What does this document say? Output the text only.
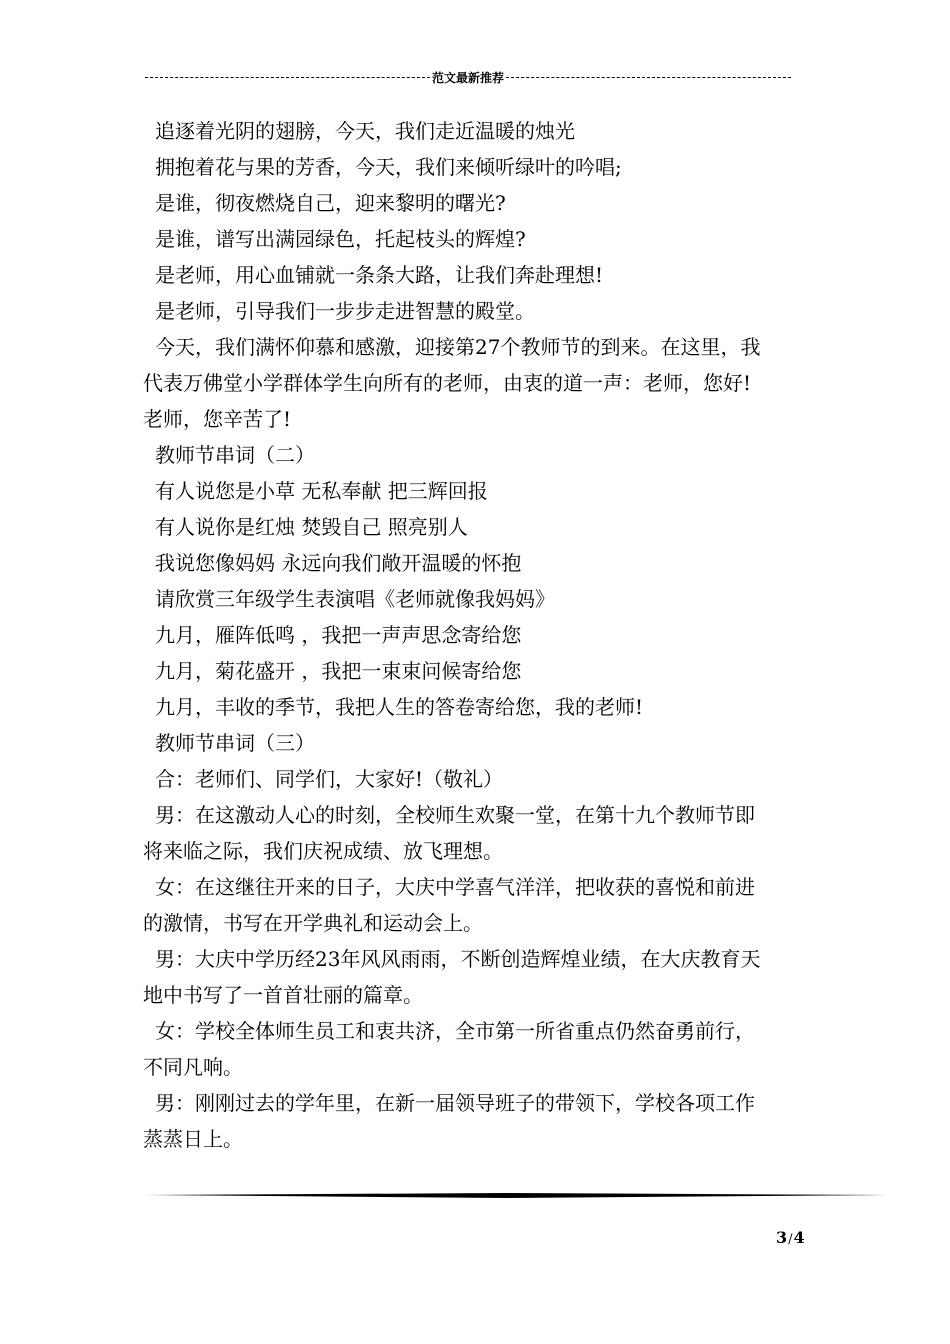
范文最新推荐
追逐着光阴的翅膀，今天，我们走近温暖的烛光
拥抱着花与果的芳香，今天，我们来倾听绿叶的吟唱;
是谁，彻夜燃烧自己，迎来黎明的曙光?
是谁，谱写出满园绿色，托起枝头的辉煌?
是老师，用心血铺就一条条大路，让我们奔赴理想!
是老师，引导我们一步步走进智慧的殿堂。
今天，我们满怀仰慕和感激，迎接第27个教师节的到来。在这里，我
代表万佛堂小学群体学生向所有的老师，由衷的道一声：老师，您好!
老师，您辛苦了!
教师节串词（二）
有人说您是小草 无私奉献 把三辉回报
有人说你是红烛 焚毁自己 照亮别人
我说您像妈妈 永远向我们敞开温暖的怀抱
请欣赏三年级学生表演唱《老师就像我妈妈》
九月，雁阵低鸣 ，我把一声声思念寄给您
九月，菊花盛开 ，我把一束束问候寄给您
九月，丰收的季节，我把人生的答卷寄给您，我的老师!
教师节串词（三）
合：老师们、同学们，大家好!（敬礼）
男：在这激动人心的时刻，全校师生欢聚一堂，在第十九个教师节即
将来临之际，我们庆祝成绩、放飞理想。
女：在这继往开来的日子，大庆中学喜气洋洋，把收获的喜悦和前进
的激情，书写在开学典礼和运动会上。
男：大庆中学历经23年风风雨雨，不断创造辉煌业绩，在大庆教育天
地中书写了一首首壮丽的篇章。
女：学校全体师生员工和衷共济，全市第一所省重点仍然奋勇前行，
不同凡响。
男：刚刚过去的学年里，在新一届领导班子的带领下，学校各项工作
蒸蒸日上。
3/4
